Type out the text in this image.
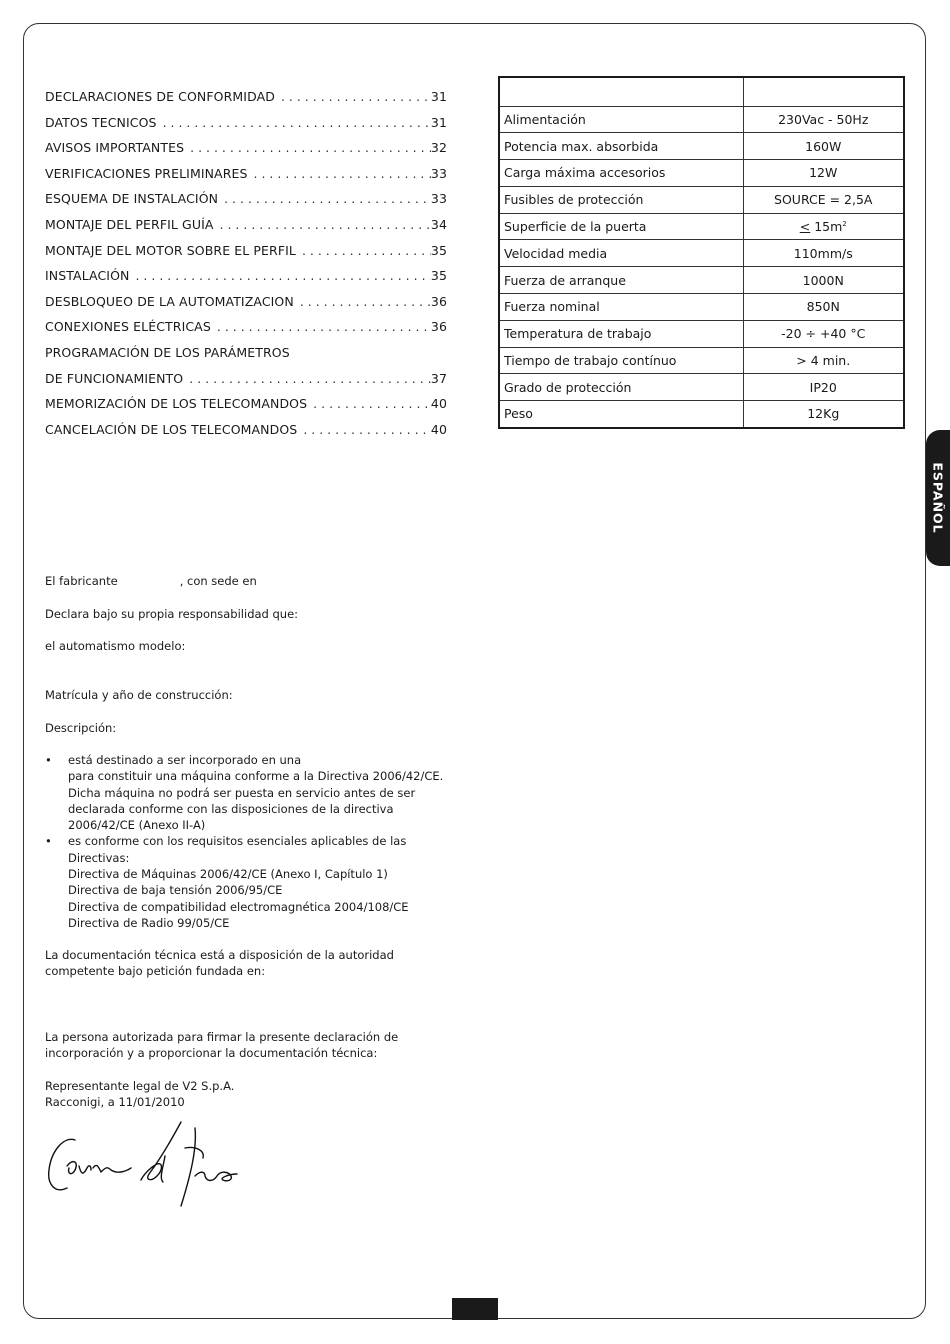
DECLARACIONES DE CONFORMIDAD . . .	31
DATOS TECNICOS . . .	31
AVISOS IMPORTANTES . . .	32
VERIFICACIONES PRELIMINARES . . .	33
ESQUEMA DE INSTALACIÓN . . .	33
MONTAJE DEL PERFIL GUÍA . . .	34
MONTAJE DEL MOTOR SOBRE EL PERFIL . . .	35
INSTALACIÓN . . .	35
DESBLOQUEO DE LA AUTOMATIZACION . . .	36
CONEXIONES ELÉCTRICAS . . .	36
PROGRAMACIÓN DE LOS PARÁMETROS
DE FUNCIONAMIENTO . . .	37
MEMORIZACIÓN DE LOS TELECOMANDOS . . .	40
CANCELACIÓN DE LOS TELECOMANDOS . . .	40

Alimentación	230Vac - 50Hz
Potencia max. absorbida	160W
Carga máxima accesorios	12W
Fusibles de protección	SOURCE = 2,5A
Superficie de la puerta	≤ $15m^2$
Velocidad media	110mm/s
Fuerza de arranque	1000N
Fuerza nominal	850N
Temperatura de trabajo	-20 ÷ +40 °C
Tiempo de trabajo contínuo	> 4 min.
Grado de protección	IP20
Peso	12Kg
ESPAÑOL

El fabricante	, con sede en

Declara bajo su propia responsabilidad que:

el automatismo modelo:

Matrícula y año de construcción:

Descripción:

• está destinado a ser incorporado en una
para constituir una máquina conforme a la Directiva 2006/42/CE.
Dicha máquina no podrá ser puesta en servicio antes de ser
declarada conforme con las disposiciones de la directiva
2006/42/CE (Anexo II-A)
• es conforme con los requisitos esenciales aplicables de las
Directivas:
Directiva de Máquinas 2006/42/CE (Anexo I, Capítulo 1)
Directiva de baja tensión 2006/95/CE
Directiva de compatibilidad electromagnética 2004/108/CE
Directiva de Radio 99/05/CE

La documentación técnica está a disposición de la autoridad
competente bajo petición fundada en:

La persona autorizada para firmar la presente declaración de
incorporación y a proporcionar la documentación técnica:

Representante legal de V2 S.p.A.
Racconigi, a 11/01/2010
